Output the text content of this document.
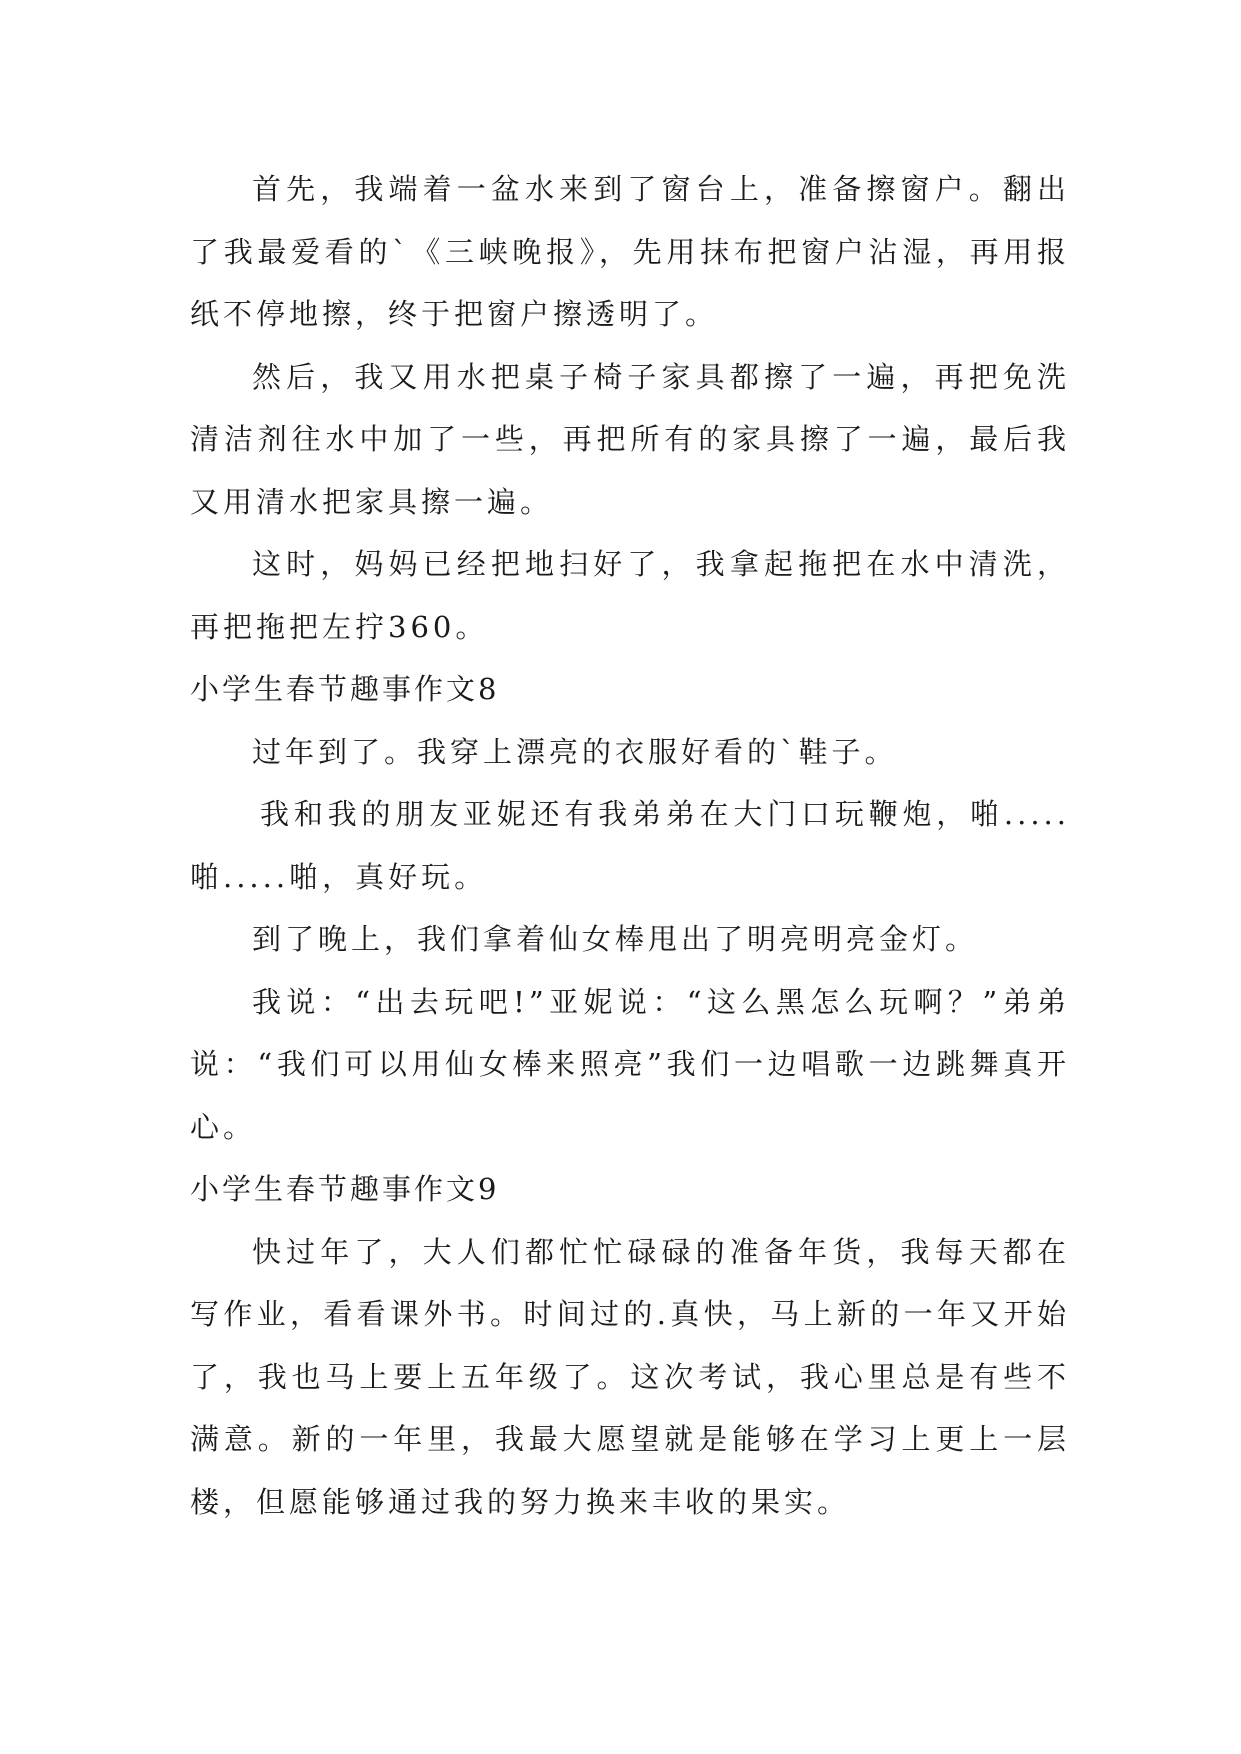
首先，我端着一盆水来到了窗台上，准备擦窗户。翻出了我最爱看的`《三峡晚报》，先用抹布把窗户沾湿，再用报纸不停地擦，终于把窗户擦透明了。

然后，我又用水把桌子椅子家具都擦了一遍，再把免洗清洁剂往水中加了一些，再把所有的家具擦了一遍，最后我又用清水把家具擦一遍。

这时，妈妈已经把地扫好了，我拿起拖把在水中清洗，再把拖把左拧360。

小学生春节趣事作文8

过年到了。我穿上漂亮的衣服好看的`鞋子。

我和我的朋友亚妮还有我弟弟在大门口玩鞭炮，啪.....啪.....啪，真好玩。

到了晚上，我们拿着仙女棒甩出了明亮明亮金灯。

我说：“出去玩吧!”亚妮说：“这么黑怎么玩啊？”弟弟说：“我们可以用仙女棒来照亮”我们一边唱歌一边跳舞真开心。

小学生春节趣事作文9

快过年了，大人们都忙忙碌碌的准备年货，我每天都在写作业，看看课外书。时间过的.真快，马上新的一年又开始了，我也马上要上五年级了。这次考试，我心里总是有些不满意。新的一年里，我最大愿望就是能够在学习上更上一层楼，但愿能够通过我的努力换来丰收的果实。
